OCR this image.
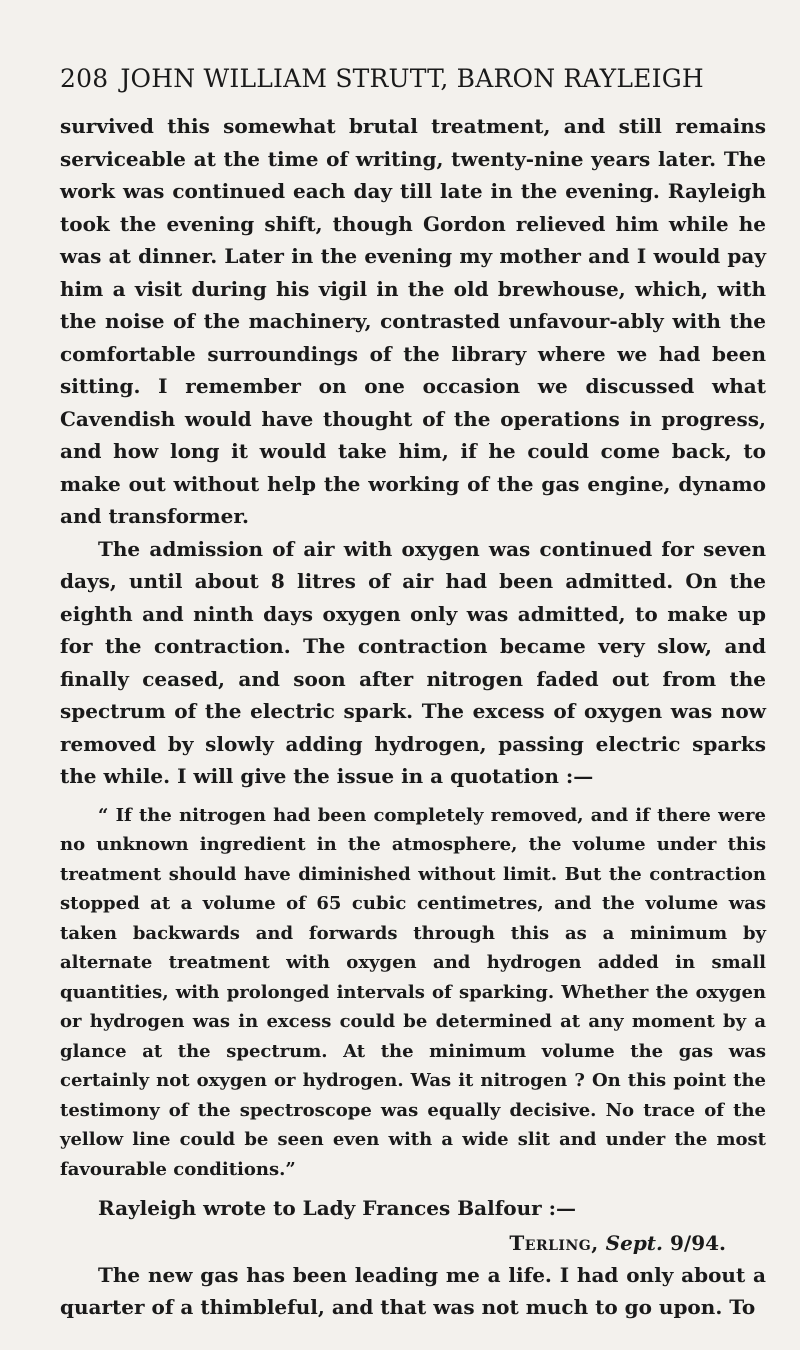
208 JOHN WILLIAM STRUTT, BARON RAYLEIGH

survived this somewhat brutal treatment, and still remains serviceable at the time of writing, twenty-nine years later. The work was continued each day till late in the evening. Rayleigh took the evening shift, though Gordon relieved him while he was at dinner. Later in the evening my mother and I would pay him a visit during his vigil in the old brewhouse, which, with the noise of the machinery, contrasted unfavour-ably with the comfortable surroundings of the library where we had been sitting. I remember on one occasion we discussed what Cavendish would have thought of the operations in progress, and how long it would take him, if he could come back, to make out without help the working of the gas engine, dynamo and transformer.

The admission of air with oxygen was continued for seven days, until about 8 litres of air had been admitted. On the eighth and ninth days oxygen only was admitted, to make up for the contraction. The contraction became very slow, and finally ceased, and soon after nitrogen faded out from the spectrum of the electric spark. The excess of oxygen was now removed by slowly adding hydrogen, passing electric sparks the while. I will give the issue in a quotation :—

“ If the nitrogen had been completely removed, and if there were no unknown ingredient in the atmosphere, the volume under this treatment should have diminished without limit. But the contraction stopped at a volume of 65 cubic centimetres, and the volume was taken backwards and forwards through this as a minimum by alternate treatment with oxygen and hydrogen added in small quantities, with prolonged intervals of sparking. Whether the oxygen or hydrogen was in excess could be determined at any moment by a glance at the spectrum. At the minimum volume the gas was certainly not oxygen or hydrogen. Was it nitrogen ? On this point the testimony of the spectroscope was equally decisive. No trace of the yellow line could be seen even with a wide slit and under the most favourable conditions.”

Rayleigh wrote to Lady Frances Balfour :—

Terling, Sept. 9/94.

The new gas has been leading me a life. I had only about a quarter of a thimbleful, and that was not much to go upon. To
